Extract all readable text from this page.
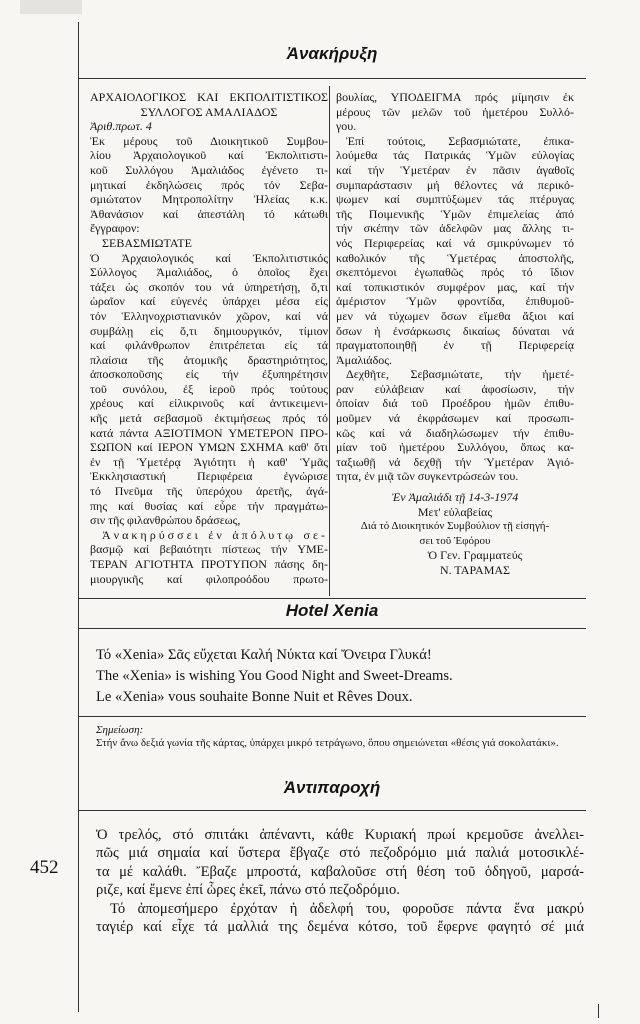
452
Ἀνακήρυξη
ΑΡΧΑΙΟΛΟΓΙΚΟΣ ΚΑΙ ΕΚΠΟΛΙΤΙΣΤΙΚΟΣ
ΣΥΛΛΟΓΟΣ ΑΜΑΛΙΑΔΟΣ
Ἀριθ.πρωτ. 4
Ἐκ μέρους τοῦ Διοικητικοῦ Συμβου-
λίου Ἀρχαιολογικοῦ καί Ἐκπολιτιστι-
κοῦ Συλλόγου Ἀμαλιάδος ἐγένετο τι-
μητικαί ἐκδηλώσεις πρός τόν Σεβα-
σμιώτατον Μητροπολίτην Ἠλείας κ.κ.
Ἀθανάσιον καί ἀπεστάλη τό κάτωθι
ἔγγραφον:
ΣΕΒΑΣΜΙΩΤΑΤΕ
Ὁ Ἀρχαιολογικός καί Ἐκπολιτιστικός
Σύλλογος Ἀμαλιάδος, ὁ ὁποῖος ἔχει
τάξει ὡς σκοπόν του νά ὑπηρετήσῃ, ὅ,τι
ὡραῖον καί εὐγενές ὑπάρχει μέσα εἰς
τόν Ἑλληνοχριστιανικόν χῶρον, καί νά
συμβάλῃ εἰς ὅ,τι δημιουργικόν, τίμιον
καί φιλάνθρωπον ἐπιτρέπεται εἰς τά
πλαίσια τῆς ἀτομικῆς δραστηριότητος,
ἀποσκοποῦσης εἰς τήν ἐξυπηρέτησιν
τοῦ συνόλου, ἐξ ἱεροῦ πρός τούτους
χρέους καί εἰλικρινοῦς καί ἀντικειμενι-
κῆς μετά σεβασμοῦ ἐκτιμήσεως πρός τό
κατά πάντα ΑΞΙΟΤΙΜΟΝ ΥΜΕΤΕΡΟΝ ΠΡΟ-
ΣΩΠΟΝ καί ΙΕΡΟΝ ΥΜΩΝ ΣΧΗΜΑ καθ' ὅτι
ἐν τῇ Ὑμετέρᾳ Ἁγιότητι ἡ καθ' Ὑμᾶς
Ἐκκλησιαστική Περιφέρεια ἐγνώρισε
τό Πνεῦμα τῆς ὑπερόχου ἀρετῆς, ἀγά-
πης καί θυσίας καί εὗρε τήν πραγμάτω-
σιν τῆς φιλανθρώπου δράσεως,
Ἀνακηρύσσει ἐν ἀπόλυτῳ σε-
βασμῷ καί βεβαιότητι πίστεως τήν ΥΜΕ-
ΤΕΡΑΝ ΑΓΙΟΤΗΤΑ ΠΡΟΤΥΠΟΝ πάσης δη-
μιουργικῆς καί φιλοπροόδου πρωτο-
βουλίας, ΥΠΟΔΕΙΓΜΑ πρός μίμησιν ἐκ
μέρους τῶν μελῶν τοῦ ἡμετέρου Συλλό-
γου.
Ἐπί τούτοις, Σεβασμιώτατε, ἐπικα-
λούμεθα τάς Πατρικάς Ὑμῶν εὐλογίας
καί τήν Ὑμετέραν ἐν πᾶσιν ἀγαθοῖς
συμπαράστασιν μή θέλοντες νά περικό-
ψωμεν καί συμπτύξωμεν τάς πτέρυγας
τῆς Ποιμενικῆς Ὑμῶν ἐπιμελείας ἀπό
τήν σκέπην τῶν ἀδελφῶν μας ἄλλης τι-
νός Περιφερείας καί νά σμικρύνωμεν τό
καθολικόν τῆς Ὑμετέρας ἀποστολῆς,
σκεπτόμενοι ἐγωπαθῶς πρός τό ἴδιον
καί τοπικιστικόν συμφέρον μας, καί τήν
ἀμέριστον Ὑμῶν φροντίδα, ἐπιθυμοῦ-
μεν νά τύχωμεν ὅσων εἴμεθα ἄξιοι καί
ὅσων ἡ ἐνσάρκωσις δικαίως δύναται νά
πραγματοποιηθῇ ἐν τῇ Περιφερείᾳ
Ἀμαλιάδος.
Δεχθῆτε, Σεβασμιώτατε, τήν ἡμετέ-
ραν εὐλάβειαν καί ἀφοσίωσιν, τήν
ὁποίαν διά τοῦ Προέδρου ἡμῶν ἐπιθυ-
μοῦμεν νά ἐκφράσωμεν καί προσωπι-
κῶς καί νά διαδηλώσωμεν τήν ἐπιθυ-
μίαν τοῦ ἡμετέρου Συλλόγου, ὅπως κα-
ταξιωθῇ νά δεχθῇ τήν Ὑμετέραν Ἁγιό-
τητα, ἐν μιᾷ τῶν συγκεντρώσεών του.
Ἐν Ἀμαλιάδι τῇ 14-3-1974
Μετ' εὐλαβείας
Διά τό Διοικητικόν Συμβούλιον τῇ εἰσηγή-
σει τοῦ Ἐφόρου
Ὁ Γεν. Γραμματεύς
Ν. ΤΑΡΑΜΑΣ
Hotel Xenia
Τό «Xenia» Σᾶς εὔχεται Καλή Νύκτα καί Ὄνειρα Γλυκά!
The «Xenia» is wishing You Good Night and Sweet-Dreams.
Le «Xenia» vous souhaite Bonne Nuit et Rêves Doux.
Σημείωση:
Στήν ἄνω δεξιά γωνία τῆς κάρτας, ὑπάρχει μικρό τετράγωνο, ὅπου σημειώνεται «θέσις γιά σοκολατάκι».
Ἀντιπαροχή
Ὁ τρελός, στό σπιτάκι ἀπέναντι, κάθε Κυριακή πρωί κρεμοῦσε ἀνελλει-
πῶς μιά σημαία καί ὕστερα ἔβγαζε στό πεζοδρόμιο μιά παλιά μοτοσικλέ-
τα μέ καλάθι. Ἔβαζε μπροστά, καβαλοῦσε στή θέση τοῦ ὁδηγοῦ, μαρσά-
ριζε, καί ἔμενε ἐπί ὧρες ἐκεῖ, πάνω στό πεζοδρόμιο.
Τό ἀπομεσήμερο ἐρχόταν ἡ ἀδελφή του, φοροῦσε πάντα ἕνα μακρύ
ταγιέρ καί εἶχε τά μαλλιά της δεμένα κότσο, τοῦ ἔφερνε φαγητό σέ μιά
